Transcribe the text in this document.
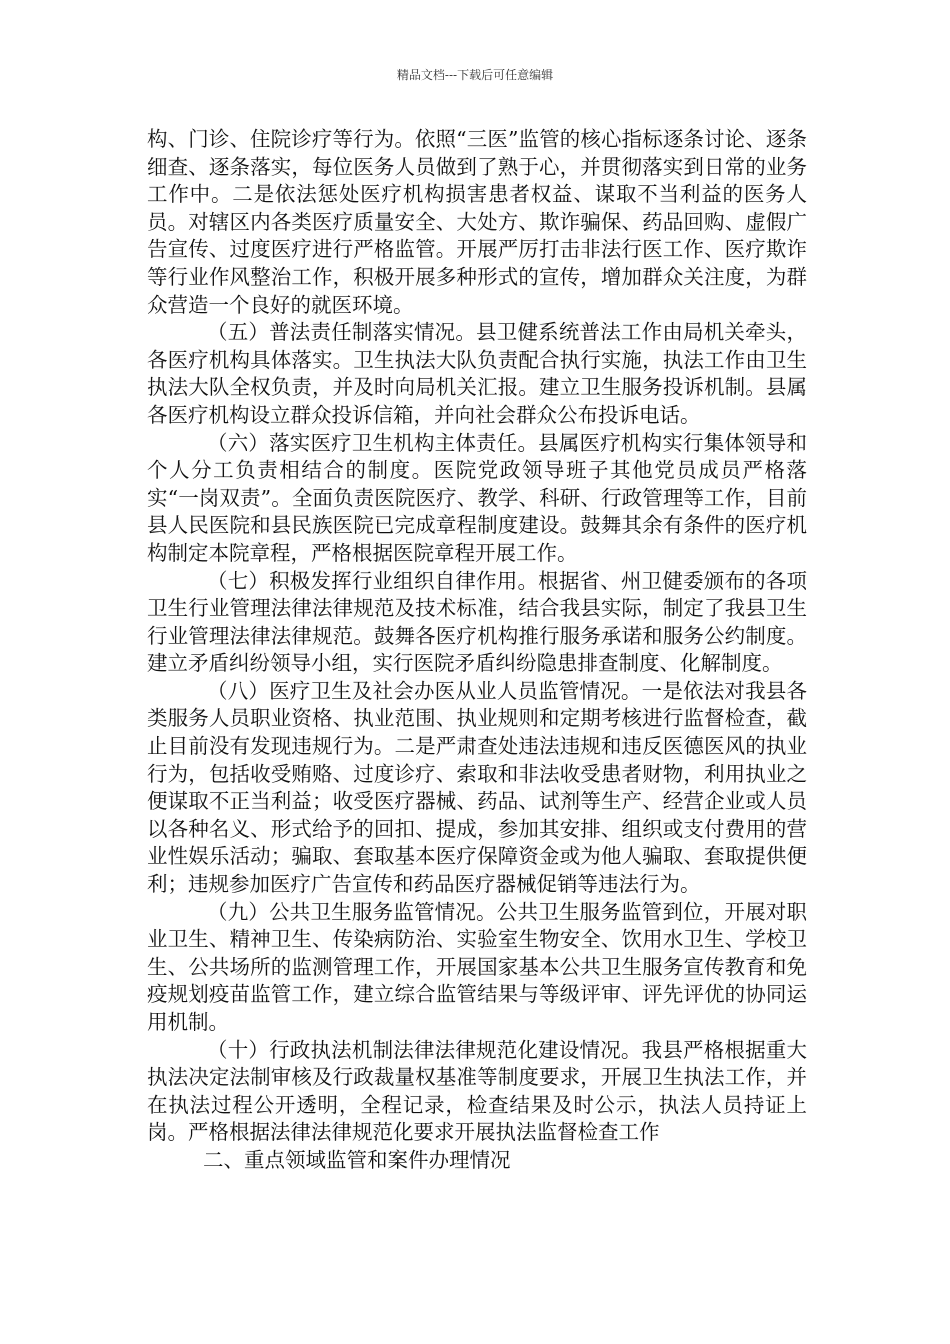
精品文档---下载后可任意编辑

构、门诊、住院诊疗等行为。依照“三医”监管的核心指标逐条讨论、逐条细查、逐条落实，每位医务人员做到了熟于心，并贯彻落实到日常的业务工作中。二是依法惩处医疗机构损害患者权益、谋取不当利益的医务人员。对辖区内各类医疗质量安全、大处方、欺诈骗保、药品回购、虚假广告宣传、过度医疗进行严格监管。开展严厉打击非法行医工作、医疗欺诈等行业作风整治工作，积极开展多种形式的宣传，增加群众关注度，为群众营造一个良好的就医环境。

（五）普法责任制落实情况。县卫健系统普法工作由局机关牵头，各医疗机构具体落实。卫生执法大队负责配合执行实施，执法工作由卫生执法大队全权负责，并及时向局机关汇报。建立卫生服务投诉机制。县属各医疗机构设立群众投诉信箱，并向社会群众公布投诉电话。

（六）落实医疗卫生机构主体责任。县属医疗机构实行集体领导和个人分工负责相结合的制度。医院党政领导班子其他党员成员严格落实“一岗双责”。全面负责医院医疗、教学、科研、行政管理等工作，目前县人民医院和县民族医院已完成章程制度建设。鼓舞其余有条件的医疗机构制定本院章程，严格根据医院章程开展工作。

（七）积极发挥行业组织自律作用。根据省、州卫健委颁布的各项卫生行业管理法律法律规范及技术标准，结合我县实际，制定了我县卫生行业管理法律法律规范。鼓舞各医疗机构推行服务承诺和服务公约制度。建立矛盾纠纷领导小组，实行医院矛盾纠纷隐患排查制度、化解制度。

（八）医疗卫生及社会办医从业人员监管情况。一是依法对我县各类服务人员职业资格、执业范围、执业规则和定期考核进行监督检查，截止目前没有发现违规行为。二是严肃查处违法违规和违反医德医风的执业行为，包括收受贿赂、过度诊疗、索取和非法收受患者财物，利用执业之便谋取不正当利益；收受医疗器械、药品、试剂等生产、经营企业或人员以各种名义、形式给予的回扣、提成，参加其安排、组织或支付费用的营业性娱乐活动；骗取、套取基本医疗保障资金或为他人骗取、套取提供便利；违规参加医疗广告宣传和药品医疗器械促销等违法行为。

（九）公共卫生服务监管情况。公共卫生服务监管到位，开展对职业卫生、精神卫生、传染病防治、实验室生物安全、饮用水卫生、学校卫生、公共场所的监测管理工作，开展国家基本公共卫生服务宣传教育和免疫规划疫苗监管工作，建立综合监管结果与等级评审、评先评优的协同运用机制。

（十）行政执法机制法律法律规范化建设情况。我县严格根据重大执法决定法制审核及行政裁量权基准等制度要求，开展卫生执法工作，并在执法过程公开透明，全程记录，检查结果及时公示，执法人员持证上岗。严格根据法律法律规范化要求开展执法监督检查工作

二、重点领域监管和案件办理情况
